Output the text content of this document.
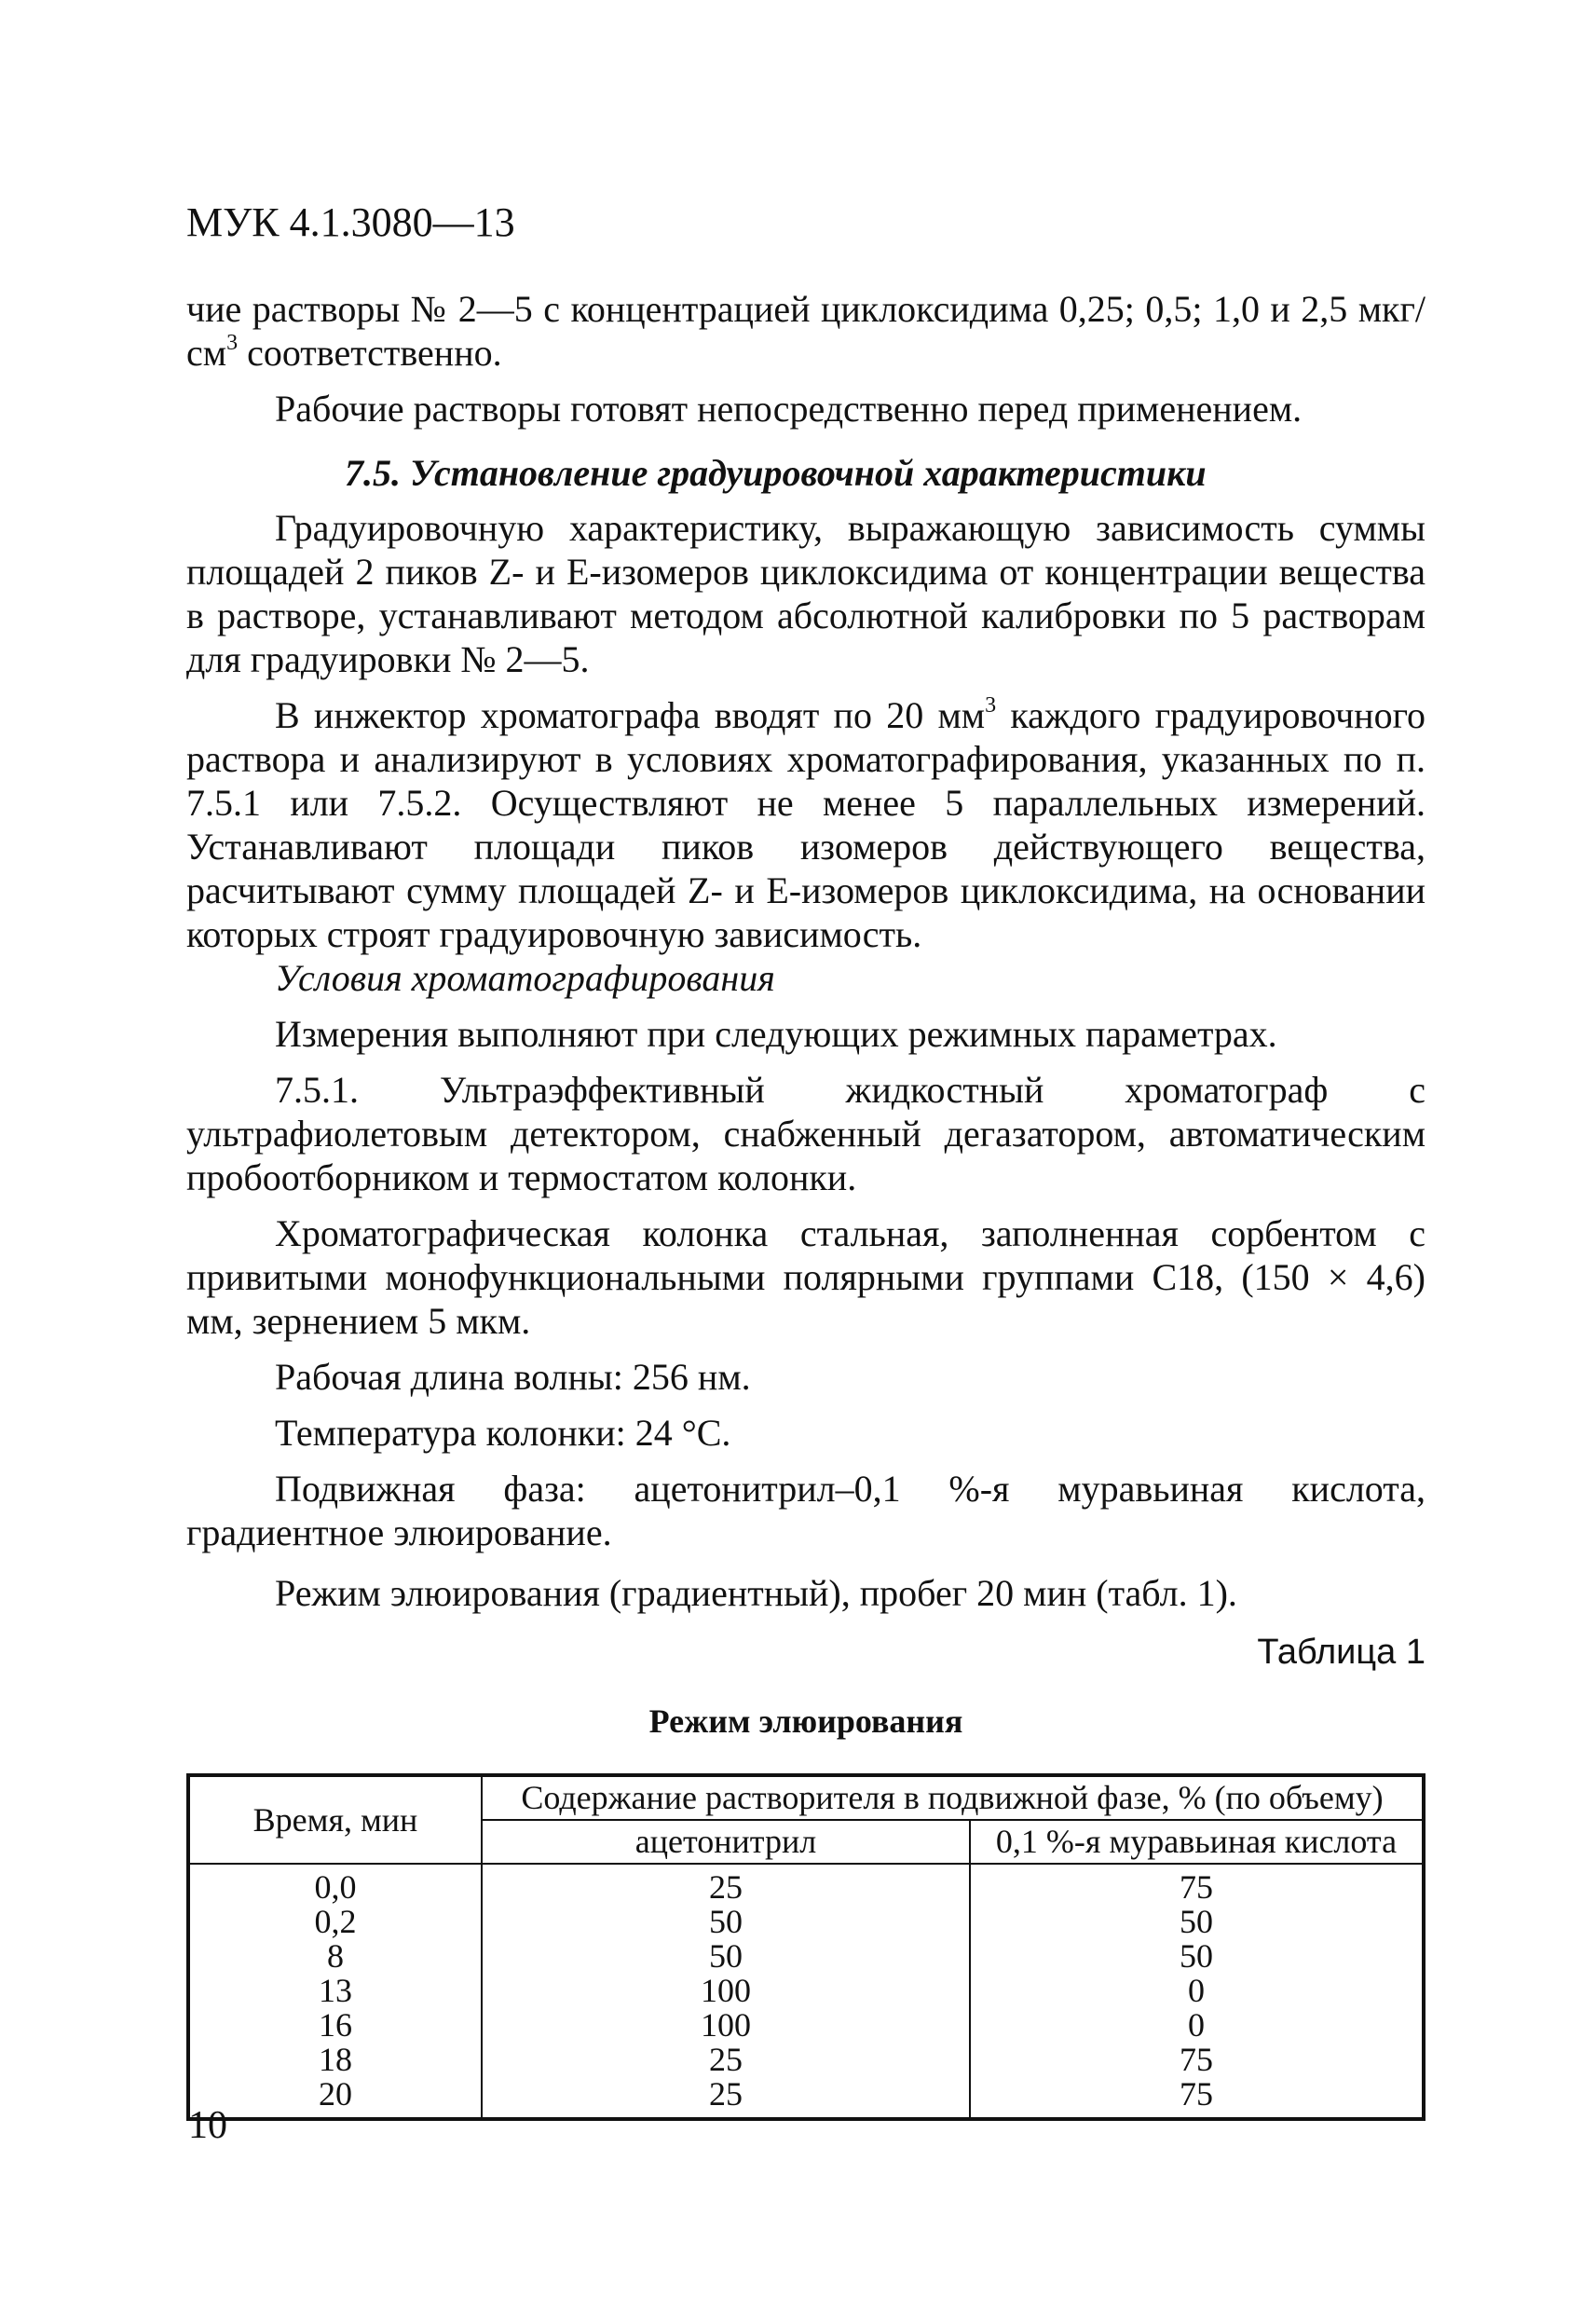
МУК 4.1.3080—13

чие растворы № 2—5 с концентрацией циклоксидима 0,25; 0,5; 1,0 и 2,5 мкг/$см^3$ соответственно.

Рабочие растворы готовят непосредственно перед применением.

7.5. Установление градуировочной характеристики

Градуировочную характеристику, выражающую зависимость суммы площадей 2 пиков Z- и E-изомеров циклоксидима от концентрации вещества в растворе, устанавливают методом абсолютной калибровки по 5 растворам для градуировки № 2—5.

В инжектор хроматографа вводят по 20 $мм^3$ каждого градуировочного раствора и анализируют в условиях хроматографирования, указанных по п. 7.5.1 или 7.5.2. Осуществляют не менее 5 параллельных измерений. Устанавливают площади пиков изомеров действующего вещества, расчитывают сумму площадей Z- и E-изомеров циклоксидима, на основании которых строят градуировочную зависимость.

Условия хроматографирования

Измерения выполняют при следующих режимных параметрах.

7.5.1. Ультраэффективный жидкостный хроматограф с ультрафиолетовым детектором, снабженный дегазатором, автоматическим пробоотборником и термостатом колонки.

Хроматографическая колонка стальная, заполненная сорбентом с привитыми монофункциональными полярными группами C18, (150 × 4,6) мм, зернением 5 мкм.

Рабочая длина волны: 256 нм.

Температура колонки: 24 °C.

Подвижная фаза: ацетонитрил–0,1 %-я муравьиная кислота, градиентное элюирование.

Режим элюирования (градиентный), пробег 20 мин (табл. 1).

Таблица 1
Режим элюирования
Время, мин	Содержание растворителя в подвижной фазе, % (по объему)	
	ацетонитрил	0,1 %-я муравьиная кислота
0,0	25	75
0,2	50	50
8	50	50
13	100	0
16	100	0
18	25	75
20	25	75
10
